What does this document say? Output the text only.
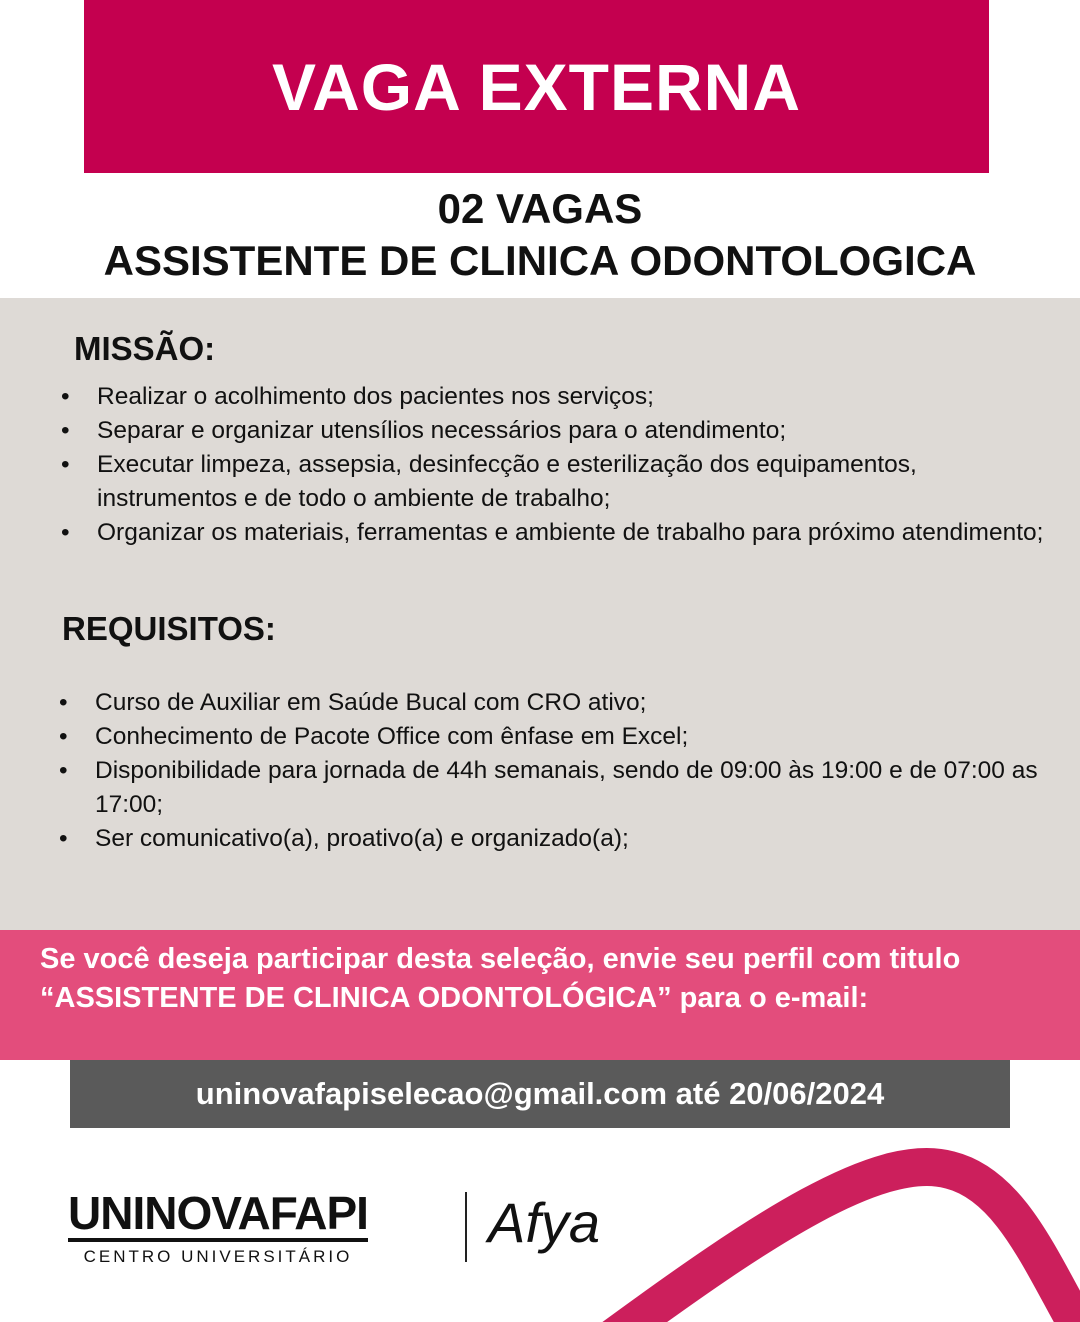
VAGA EXTERNA
02 VAGAS
ASSISTENTE DE CLINICA ODONTOLOGICA
MISSÃO:
• Realizar o acolhimento dos pacientes nos serviços;
• Separar e organizar utensílios necessários para o atendimento;
• Executar limpeza, assepsia, desinfecção e esterilização dos equipamentos, instrumentos e de todo o ambiente de trabalho;
• Organizar os materiais, ferramentas e ambiente de trabalho para próximo atendimento;
REQUISITOS:
• Curso de Auxiliar em Saúde Bucal com CRO ativo;
• Conhecimento de Pacote Office com ênfase em Excel;
• Disponibilidade para jornada de 44h semanais, sendo de 09:00 às 19:00 e de 07:00 as 17:00;
• Ser comunicativo(a), proativo(a) e organizado(a);

Se você deseja participar desta seleção, envie seu perfil com titulo “ASSISTENTE DE CLINICA ODONTOLÓGICA” para o e-mail:

uninovafapiselecao@gmail.com até 20/06/2024
UNINOVAFAPI
CENTRO UNIVERSITÁRIO
Afya
